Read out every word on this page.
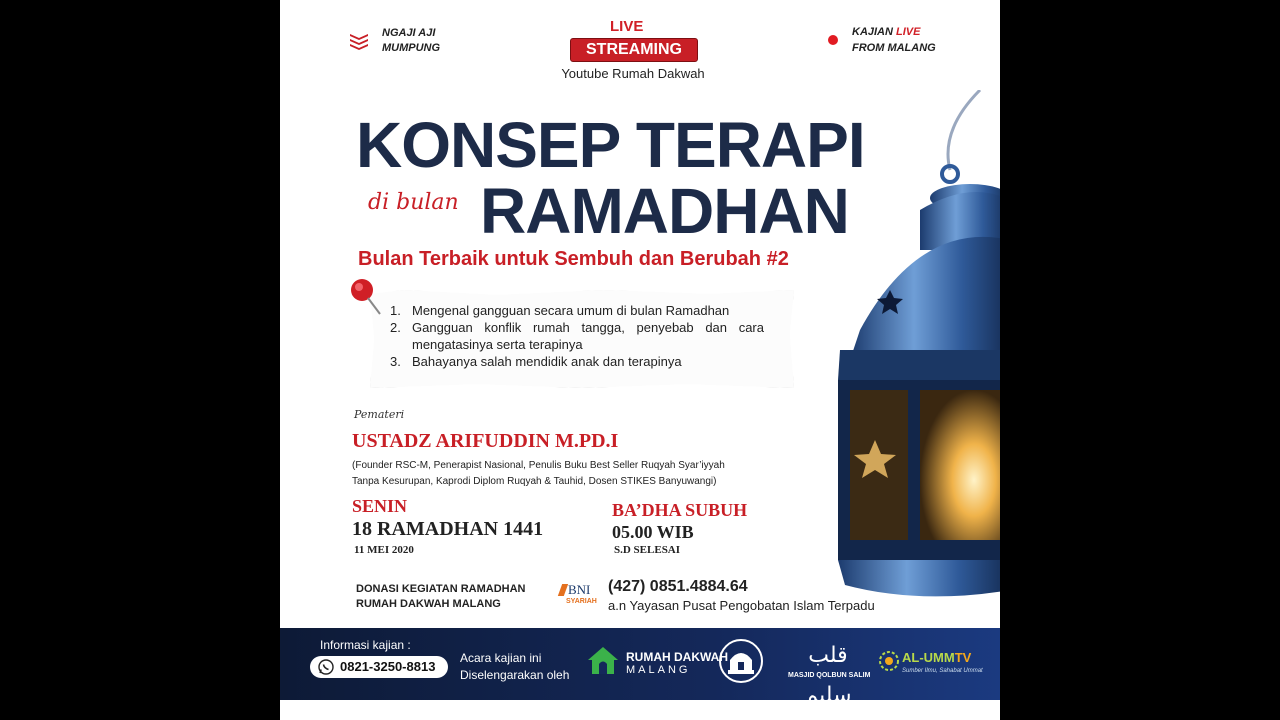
NGAJI AJI
MUMPUNG
LIVE
STREAMING
Youtube Rumah Dakwah
KAJIAN LIVE
FROM MALANG
KONSEP TERAPI
di bulan RAMADHAN
Bulan Terbaik untuk Sembuh dan Berubah #2
1. Mengenal gangguan secara umum di bulan Ramadhan
2. Gangguan konflik rumah tangga, penyebab dan cara mengatasinya serta terapinya
3. Bahayanya salah mendidik anak dan terapinya
Pemateri
USTADZ ARIFUDDIN M.PD.I
(Founder RSC-M, Penerapist Nasional, Penulis Buku Best Seller Ruqyah Syar’iyyah
Tanpa Kesurupan, Kaprodi Diplom Ruqyah & Tauhid, Dosen STIKES Banyuwangi)
SENIN
18 RAMADHAN 1441
11 MEI 2020
BA’DHA SUBUH
05.00 WIB
S.D SELESAI
DONASI KEGIATAN RAMADHAN
RUMAH DAKWAH MALANG
BNI
SYARIAH
(427) 0851.4884.64
a.n Yayasan Pusat Pengobatan Islam Terpadu
Informasi kajian :
0821-3250-8813
Acara kajian ini
Diselengarakan oleh
RUMAH DAKWAH
MALANG
قلب سليم
MASJID QOLBUN SALIM
AL-UMMTV
Sumber Ilmu, Sahabat Ummat
